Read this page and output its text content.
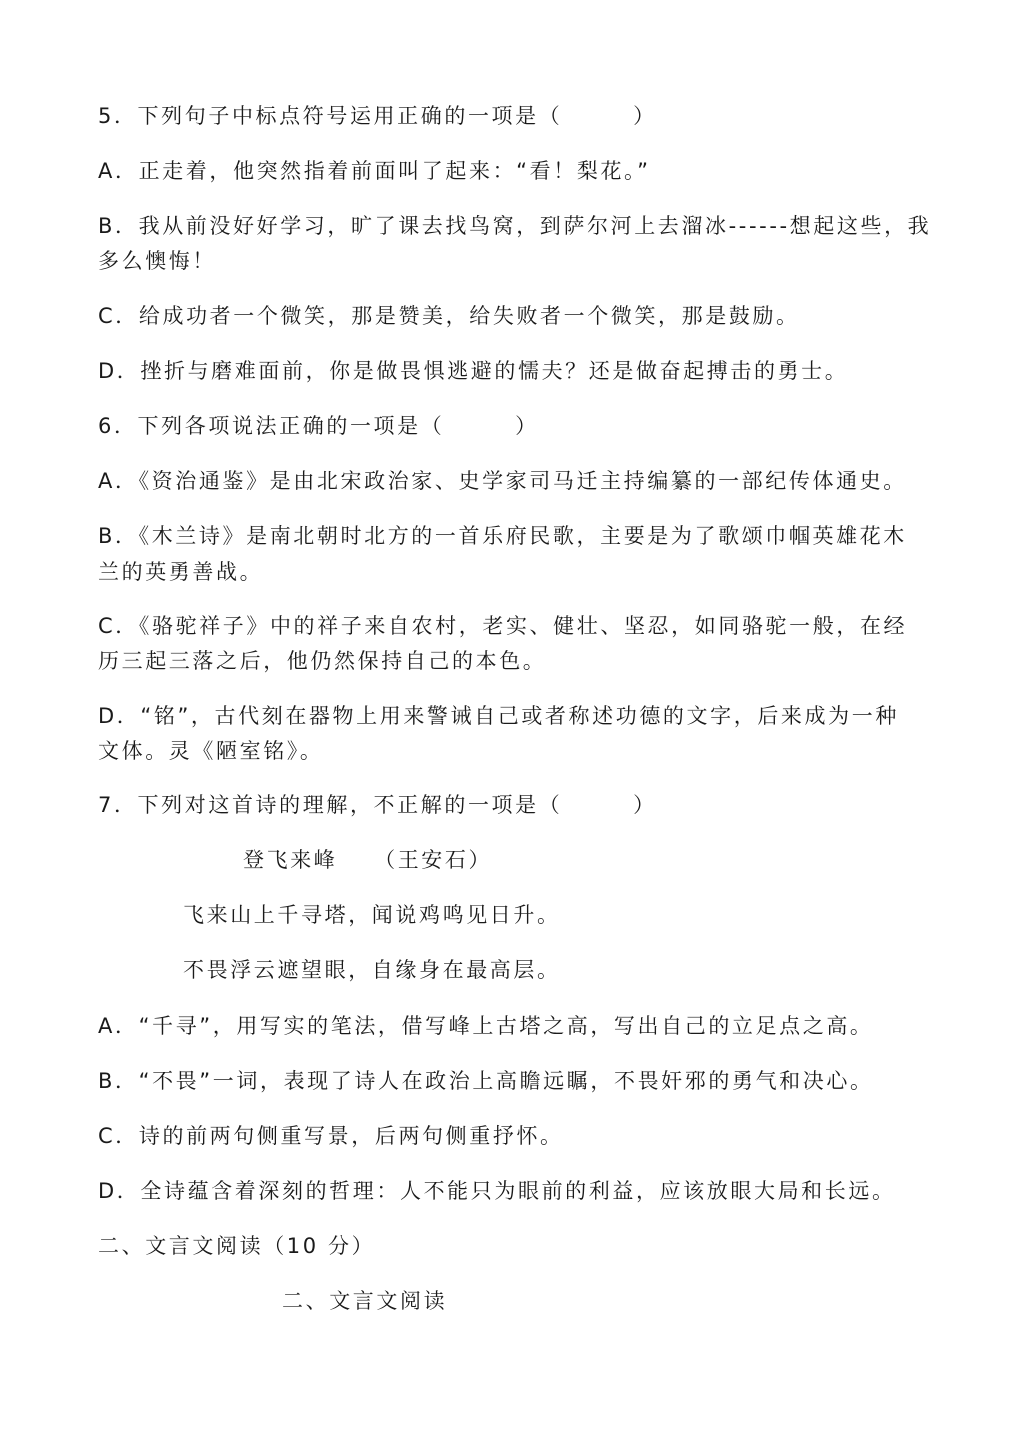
5．下列句子中标点符号运用正确的一项是（　　　）
A．正走着，他突然指着前面叫了起来：“看！梨花。”
B．我从前没好好学习，旷了课去找鸟窝，到萨尔河上去溜冰------想起这些，我
多么懊悔！
C．给成功者一个微笑，那是赞美，给失败者一个微笑，那是鼓励。
D．挫折与磨难面前，你是做畏惧逃避的懦夫？还是做奋起搏击的勇士。
6．下列各项说法正确的一项是（　　　）
A．《资治通鉴》是由北宋政治家、史学家司马迁主持编纂的一部纪传体通史。
B．《木兰诗》是南北朝时北方的一首乐府民歌，主要是为了歌颂巾帼英雄花木
兰的英勇善战。
C．《骆驼祥子》中的祥子来自农村，老实、健壮、坚忍，如同骆驼一般，在经
历三起三落之后，他仍然保持自己的本色。
D．“铭”，古代刻在器物上用来警诫自己或者称述功德的文字，后来成为一种
文体。灵《陋室铭》。
7．下列对这首诗的理解，不正解的一项是（　　　）
登飞来峰　　（王安石）
飞来山上千寻塔，闻说鸡鸣见日升。
不畏浮云遮望眼，自缘身在最高层。
A．“千寻”，用写实的笔法，借写峰上古塔之高，写出自己的立足点之高。
B．“不畏”一词，表现了诗人在政治上高瞻远瞩，不畏奸邪的勇气和决心。
C．诗的前两句侧重写景，后两句侧重抒怀。
D．全诗蕴含着深刻的哲理：人不能只为眼前的利益，应该放眼大局和长远。
二、文言文阅读（10 分）
二、文言文阅读
